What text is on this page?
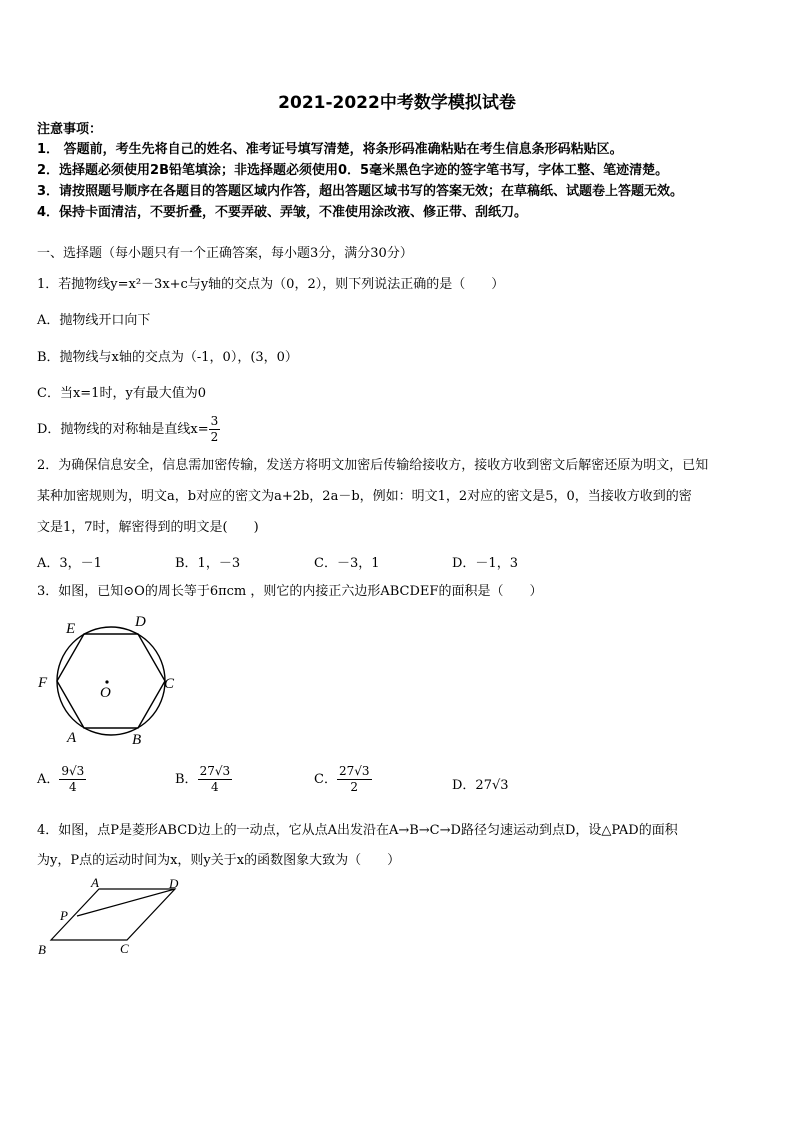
2021-2022中考数学模拟试卷
注意事项：
1． 答题前，考生先将自己的姓名、准考证号填写清楚，将条形码准确粘贴在考生信息条形码粘贴区。
2．选择题必须使用2B铅笔填涂；非选择题必须使用0．5毫米黑色字迹的签字笔书写，字体工整、笔迹清楚。
3．请按照题号顺序在各题目的答题区域内作答，超出答题区域书写的答案无效；在草稿纸、试题卷上答题无效。
4．保持卡面清洁，不要折叠，不要弄破、弄皱，不准使用涂改液、修正带、刮纸刀。
一、选择题（每小题只有一个正确答案，每小题3分，满分30分）
1．若抛物线y=x²－3x+c与y轴的交点为（0，2），则下列说法正确的是（　　）
A．抛物线开口向下
B．抛物线与x轴的交点为（-1，0），(3，0）
C．当x=1时，y有最大值为0
D．抛物线的对称轴是直线$x= \frac{3}{2}$
2．为确保信息安全，信息需加密传输，发送方将明文加密后传输给接收方，接收方收到密文后解密还原为明文，已知
某种加密规则为，明文a，b对应的密文为a+2b，2a－b，例如：明文1，2对应的密文是5，0，当接收方收到的密
文是1，7时，解密得到的明文是(　　)
A．3，－1	B．1，－3	C．－3，1	D．－1，3
3．如图，已知⊙O的周长等于6πcm ，则它的内接正六边形ABCDEF的面积是（　　）
E	D
F	C
O
A	B
A． $\frac{9√3}{4}$	B． $\frac{27√3}{4}$	C． $\frac{27√3}{2}$	D．27√3
4．如图，点P是菱形ABCD边上的一动点，它从点A出发沿在A→B→C→D路径匀速运动到点D，设△PAD的面积
为y，P点的运动时间为x，则y关于x的函数图象大致为（　　）
A	D
P
B	C
